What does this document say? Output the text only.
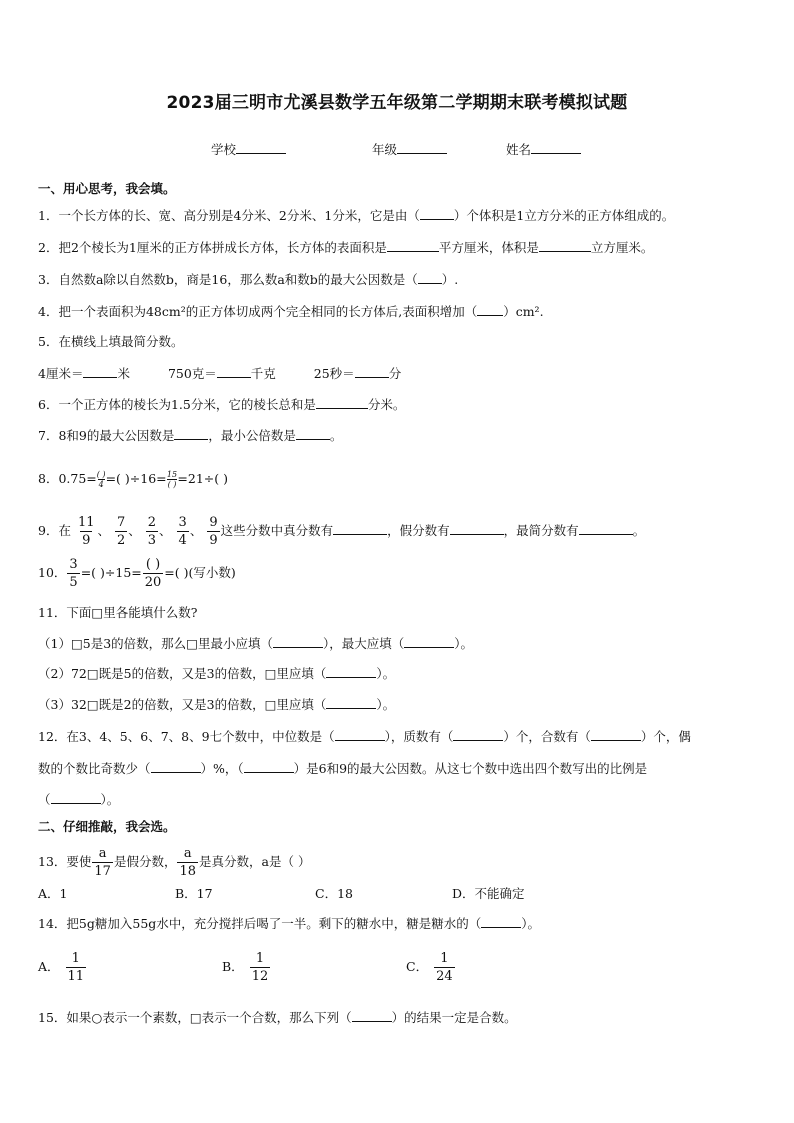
2023届三明市尤溪县数学五年级第二学期期末联考模拟试题
学校	年级	姓名
一、用心思考，我会填。
1．一个长方体的长、宽、高分别是4分米、2分米、1分米，它是由（	）个体积是1立方分米的正方体组成的。
2．把2个棱长为1厘米的正方体拼成长方体，长方体的表面积是	平方厘米，体积是	立方厘米。
3．自然数a除以自然数b，商是16，那么数a和数b的最大公因数是（ ）.
4．把一个表面积为48cm²的正方体切成两个完全相同的长方体后,表面积增加（ ）cm².
5．在横线上填最简分数。
4厘米＝	米	750克＝	千克	25秒＝	分
6．一个正方体的棱长为1.5分米，它的棱长总和是	分米。
7．8和9的最大公因数是	，最小公倍数是	。
8．$0.75= \frac{( )}{4}$ =( )$\div 16= \frac{15}{( )} =21\div$( )
9．在 $\frac{11}{9}$ 、 $\frac{7}{2}$ 、 $\frac{2}{3}$ 、 $\frac{3}{4}$ 、 $\frac{9}{9}$ 这些分数中真分数有	，假分数有	，最简分数有	。
10． $\frac{3}{5}$ =( )$\div 15= \frac{( )}{20}$ =( )(写小数)
11．下面□里各能填什么数?
（1）□5是3的倍数，那么□里最小应填（	），最大应填（	）。
（2）72□既是5的倍数，又是3的倍数，□里应填（	）。
（3）32□既是2的倍数，又是3的倍数，□里应填（	）。
12．在3、4、5、6、7、8、9七个数中，中位数是（	），质数有（	）个，合数有（	）个，偶
数的个数比奇数少（	）%，（	）是6和9的最大公因数。从这七个数中选出四个数写出的比例是
（	）。
二、仔细推敲，我会选。
13．要使 $\frac{a}{17}$ 是假分数， $\frac{a}{18}$ 是真分数，a是（ ）
A．1	B．17	C．18	D．不能确定
14．把5g糖加入55g水中，充分搅拌后喝了一半。剩下的糖水中，糖是糖水的（	）。
A． $\frac{1}{11}$	B． $\frac{1}{12}$	C． $\frac{1}{24}$
15．如果○表示一个素数，□表示一个合数，那么下列（	）的结果一定是合数。
